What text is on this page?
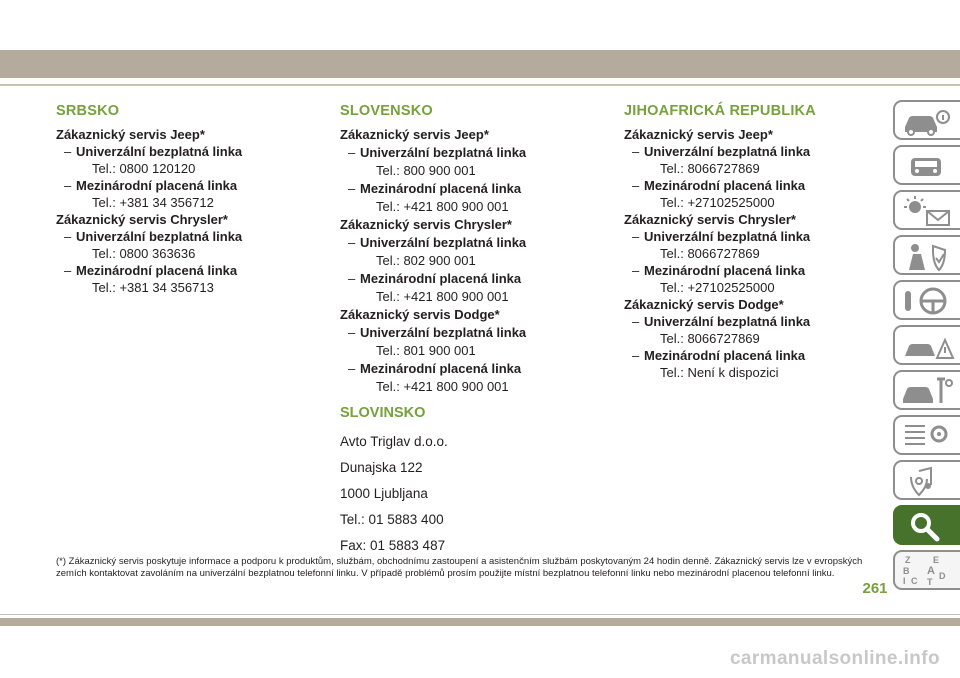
SRBSKO
Zákaznický servis Jeep*
– Univerzální bezplatná linka
Tel.: 0800 120120
– Mezinárodní placená linka
Tel.: +381 34 356712
Zákaznický servis Chrysler*
– Univerzální bezplatná linka
Tel.: 0800 363636
– Mezinárodní placená linka
Tel.: +381 34 356713
SLOVENSKO
Zákaznický servis Jeep*
– Univerzální bezplatná linka
Tel.: 800 900 001
– Mezinárodní placená linka
Tel.: +421 800 900 001
Zákaznický servis Chrysler*
– Univerzální bezplatná linka
Tel.: 802 900 001
– Mezinárodní placená linka
Tel.: +421 800 900 001
Zákaznický servis Dodge*
– Univerzální bezplatná linka
Tel.: 801 900 001
– Mezinárodní placená linka
Tel.: +421 800 900 001
JIHOAFRICKÁ REPUBLIKA
Zákaznický servis Jeep*
– Univerzální bezplatná linka
Tel.: 8066727869
– Mezinárodní placená linka
Tel.: +27102525000
Zákaznický servis Chrysler*
– Univerzální bezplatná linka
Tel.: 8066727869
– Mezinárodní placená linka
Tel.: +27102525000
Zákaznický servis Dodge*
– Univerzální bezplatná linka
Tel.: 8066727869
– Mezinárodní placená linka
Tel.: Není k dispozici
SLOVINSKO
Avto Triglav d.o.o.
Dunajska 122
1000 Ljubljana
Tel.: 01 5883 400
Fax: 01 5883 487
(*) Zákaznický servis poskytuje informace a podporu k produktům, službám, obchodnímu zastoupení a asistenčním službám poskytovaným 24 hodin denně. Zákaznický servis lze v evropských zemích kontaktovat zavoláním na univerzální bezplatnou telefonní linku. V případě problémů prosím použijte místní bezplatnou telefonní linku nebo mezinárodní placenou telefonní linku.
261
carmanualsonline.info
Z	E
B A
C D
I T
